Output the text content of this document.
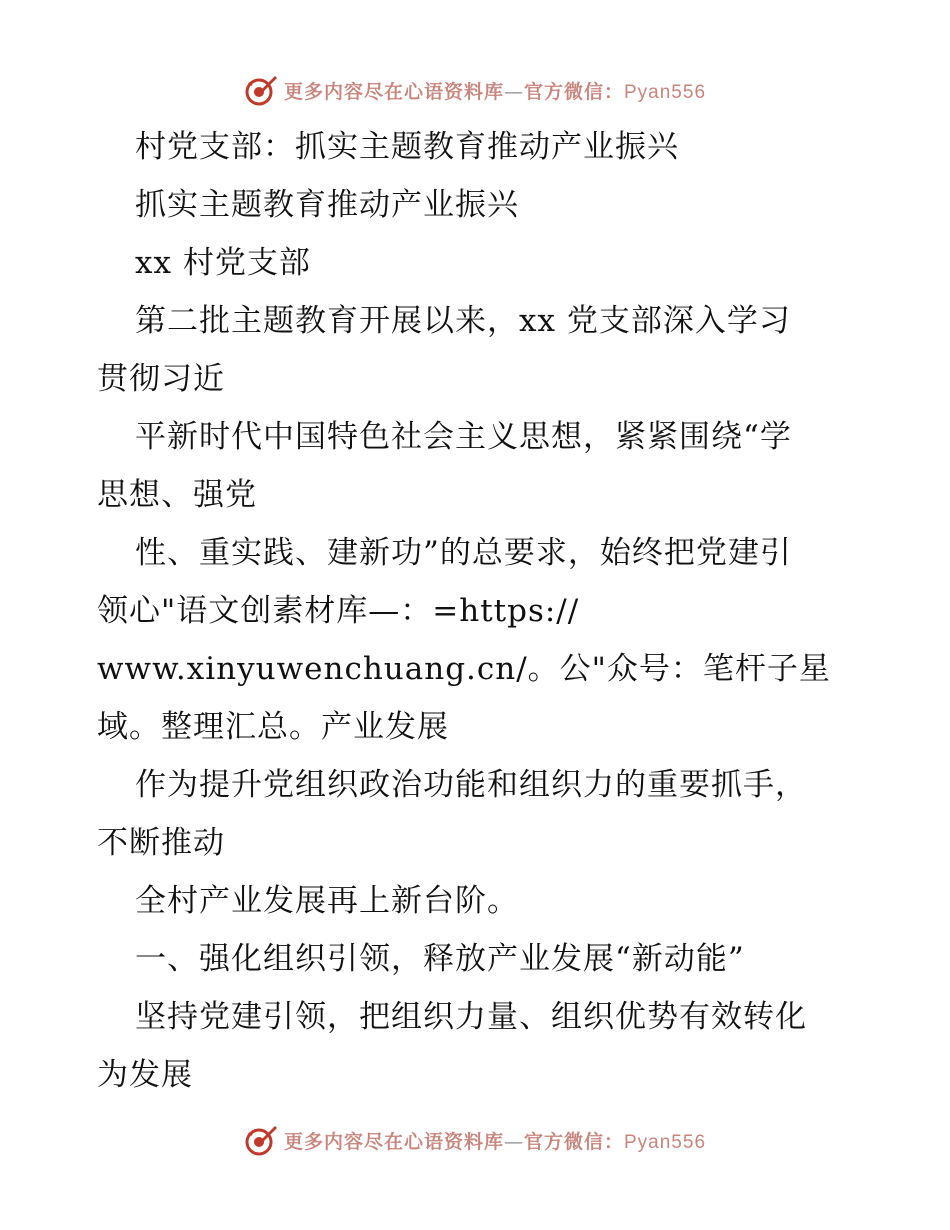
更多内容尽在心语资料库—官方微信：Pyan556
村党支部：抓实主题教育推动产业振兴
抓实主题教育推动产业振兴
xx 村党支部
第二批主题教育开展以来，xx 党支部深入学习
贯彻习近
平新时代中国特色社会主义思想，紧紧围绕“学
思想、强党
性、重实践、建新功”的总要求，始终把党建引
领心"语文创素材库—：=https://
www.xinyuwenchuang.cn/。公"众号：笔杆子星
域。整理汇总。产业发展
作为提升党组织政治功能和组织力的重要抓手，
不断推动
全村产业发展再上新台阶。
一、强化组织引领，释放产业发展“新动能”
坚持党建引领，把组织力量、组织优势有效转化
为发展
更多内容尽在心语资料库—官方微信：Pyan556
